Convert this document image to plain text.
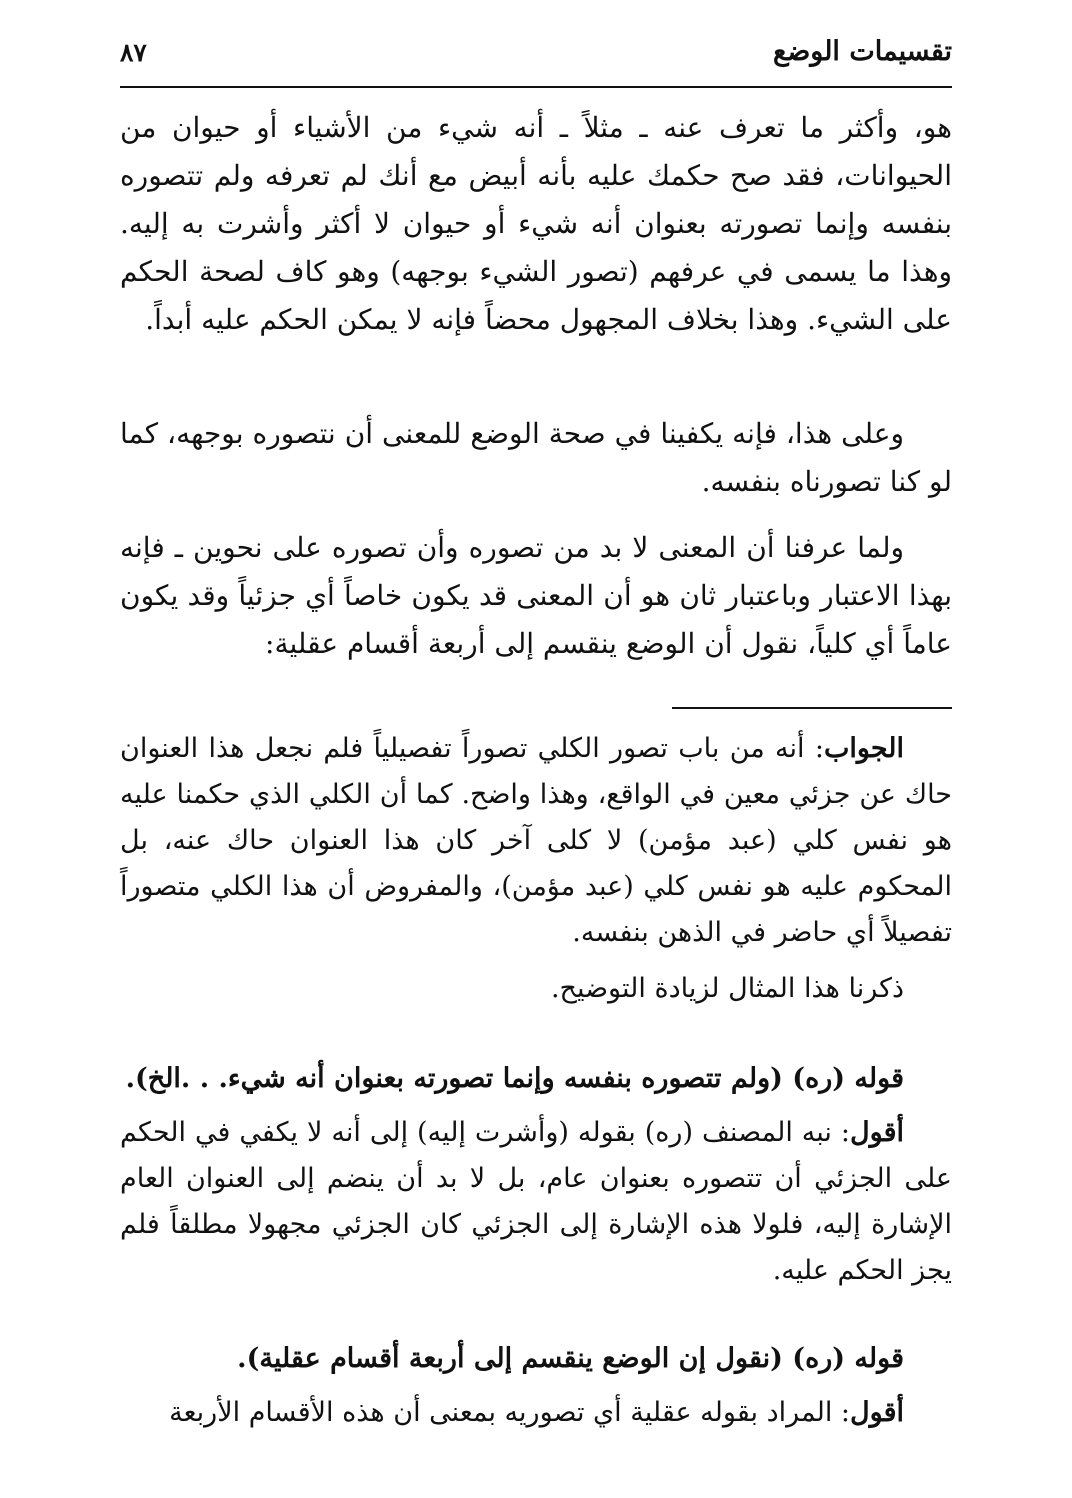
تقسيمات الوضع
٨٧

هو، وأكثر ما تعرف عنه ـ مثلاً ـ أنه شيء من الأشياء أو حيوان من الحيوانات، فقد صح حكمك عليه بأنه أبيض مع أنك لم تعرفه ولم تتصوره بنفسه وإنما تصورته بعنوان أنه شيء أو حيوان لا أكثر وأشرت به إليه. وهذا ما يسمى في عرفهم (تصور الشيء بوجهه) وهو كاف لصحة الحكم على الشيء. وهذا بخلاف المجهول محضاً فإنه لا يمكن الحكم عليه أبداً.

وعلى هذا، فإنه يكفينا في صحة الوضع للمعنى أن نتصوره بوجهه، كما لو كنا تصورناه بنفسه.

ولما عرفنا أن المعنى لا بد من تصوره وأن تصوره على نحوين ـ فإنه بهذا الاعتبار وباعتبار ثان هو أن المعنى قد يكون خاصاً أي جزئياً وقد يكون عاماً أي كلياً، نقول أن الوضع ينقسم إلى أربعة أقسام عقلية:

الجواب: أنه من باب تصور الكلي تصوراً تفصيلياً فلم نجعل هذا العنوان حاك عن جزئي معين في الواقع، وهذا واضح. كما أن الكلي الذي حكمنا عليه هو نفس كلي (عبد مؤمن) لا كلى آخر كان هذا العنوان حاك عنه، بل المحكوم عليه هو نفس كلي (عبد مؤمن)، والمفروض أن هذا الكلي متصوراً تفصيلاً أي حاضر في الذهن بنفسه.

ذكرنا هذا المثال لزيادة التوضيح.

قوله (ره) (ولم تتصوره بنفسه وإنما تصورته بعنوان أنه شيء. . .الخ).

أقول: نبه المصنف (ره) بقوله (وأشرت إليه) إلى أنه لا يكفي في الحكم على الجزئي أن تتصوره بعنوان عام، بل لا بد أن ينضم إلى العنوان العام الإشارة إليه، فلولا هذه الإشارة إلى الجزئي كان الجزئي مجهولا مطلقاً فلم يجز الحكم عليه.

قوله (ره) (نقول إن الوضع ينقسم إلى أربعة أقسام عقلية).

أقول: المراد بقوله عقلية أي تصوريه بمعنى أن هذه الأقسام الأربعة
